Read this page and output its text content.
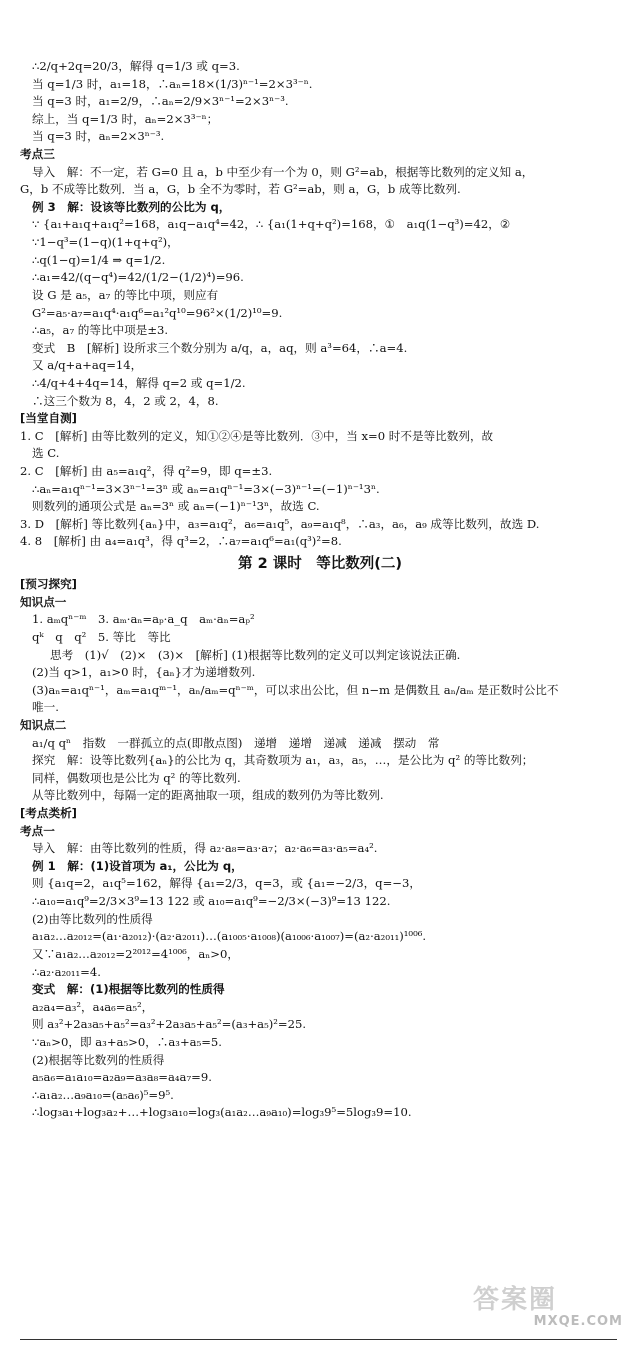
∴2/q+2q=20/3，解得 q=1/3 或 q=3.
当 q=1/3 时，a₁=18，∴aₙ=18×(1/3)ⁿ⁻¹=2×3³⁻ⁿ.
当 q=3 时，a₁=2/9，∴aₙ=2/9×3ⁿ⁻¹=2×3ⁿ⁻³.
综上，当 q=1/3 时，aₙ=2×3³⁻ⁿ；
当 q=3 时，aₙ=2×3ⁿ⁻³.
考点三
导入　解：不一定，若 G=0 且 a，b 中至少有一个为 0，则 G²=ab，根据等比数列的定义知 a，
G，b 不成等比数列．当 a，G，b 全不为零时，若 G²=ab，则 a，G，b 成等比数列.
例 3　解：设该等比数列的公比为 q，
∵ {a₁+a₁q+a₁q²=168，a₁q−a₁q⁴=42，∴ {a₁(1+q+q²)=168，①　a₁q(1−q³)=42，②
∵1−q³=(1−q)(1+q+q²)，
∴q(1−q)=1/4 ⇒ q=1/2.
∴a₁=42/(q−q⁴)=42/(1/2−(1/2)⁴)=96.
设 G 是 a₅，a₇ 的等比中项，则应有
G²=a₅·a₇=a₁q⁴·a₁q⁶=a₁²q¹⁰=96²×(1/2)¹⁰=9.
∴a₅，a₇ 的等比中项是±3.
变式　B　[解析] 设所求三个数分别为 a/q，a，aq，则 a³=64，∴a=4.
又 a/q+a+aq=14，
∴4/q+4+4q=14，解得 q=2 或 q=1/2.
∴这三个数为 8，4，2 或 2，4，8.
[当堂自测]
1. C　[解析] 由等比数列的定义，知①②④是等比数列．③中，当 x=0 时不是等比数列，故
选 C.
2. C　[解析] 由 a₅=a₁q²，得 q²=9，即 q=±3.
∴aₙ=a₁qⁿ⁻¹=3×3ⁿ⁻¹=3ⁿ 或 aₙ=a₁qⁿ⁻¹=3×(−3)ⁿ⁻¹=(−1)ⁿ⁻¹3ⁿ.
则数列的通项公式是 aₙ=3ⁿ 或 aₙ=(−1)ⁿ⁻¹3ⁿ，故选 C.
3. D　[解析] 等比数列{aₙ}中，a₃=a₁q²，a₆=a₁q⁵，a₉=a₁q⁸，∴a₃，a₆，a₉ 成等比数列，故选 D.
4. 8　[解析] 由 a₄=a₁q³，得 q³=2，∴a₇=a₁q⁶=a₁(q³)²=8.
第 2 课时　等比数列(二)
[预习探究]
知识点一
1. aₘqⁿ⁻ᵐ　3. aₘ·aₙ=aₚ·a_q　aₘ·aₙ=aₚ²
qᵏ　q　q²　5. 等比　等比
思考　(1)√　(2)×　(3)×　[解析] (1)根据等比数列的定义可以判定该说法正确.
(2)当 q>1，a₁>0 时，{aₙ}才为递增数列.
(3)aₙ=a₁qⁿ⁻¹，aₘ=a₁qᵐ⁻¹，aₙ/aₘ=qⁿ⁻ᵐ，可以求出公比，但 n−m 是偶数且 aₙ/aₘ 是正数时公比不
唯一.
知识点二
a₁/q qⁿ　指数　一群孤立的点(即散点图)　递增　递增　递减　递减　摆动　常
探究　解：设等比数列{aₙ}的公比为 q，其奇数项为 a₁，a₃，a₅，…，是公比为 q² 的等比数列；
同样，偶数项也是公比为 q² 的等比数列.
从等比数列中，每隔一定的距离抽取一项，组成的数列仍为等比数列.
[考点类析]
考点一
导入　解：由等比数列的性质，得 a₂·a₈=a₃·a₇；a₂·a₆=a₃·a₅=a₄².
例 1　解：(1)设首项为 a₁，公比为 q，
则 {a₁q=2，a₁q⁵=162，解得 {a₁=2/3，q=3，或 {a₁=−2/3，q=−3，
∴a₁₀=a₁q⁹=2/3×3⁹=13 122 或 a₁₀=a₁q⁹=−2/3×(−3)⁹=13 122.
(2)由等比数列的性质得
a₁a₂…a₂₀₁₂=(a₁·a₂₀₁₂)·(a₂·a₂₀₁₁)…(a₁₀₀₅·a₁₀₀₈)(a₁₀₀₆·a₁₀₀₇)=(a₂·a₂₀₁₁)¹⁰⁰⁶.
又∵a₁a₂…a₂₀₁₂=2²⁰¹²=4¹⁰⁰⁶，aₙ>0，
∴a₂·a₂₀₁₁=4.
变式　解：(1)根据等比数列的性质得
a₂a₄=a₃²，a₄a₆=a₅²，
则 a₃²+2a₃a₅+a₅²=a₃²+2a₃a₅+a₅²=(a₃+a₅)²=25.
∵aₙ>0，即 a₃+a₅>0，∴a₃+a₅=5.
(2)根据等比数列的性质得
a₅a₆=a₁a₁₀=a₂a₉=a₃a₈=a₄a₇=9.
∴a₁a₂…a₉a₁₀=(a₅a₆)⁵=9⁵.
∴log₃a₁+log₃a₂+…+log₃a₁₀=log₃(a₁a₂…a₉a₁₀)=log₃9⁵=5log₃9=10.
答案圈
MXQE.COM
